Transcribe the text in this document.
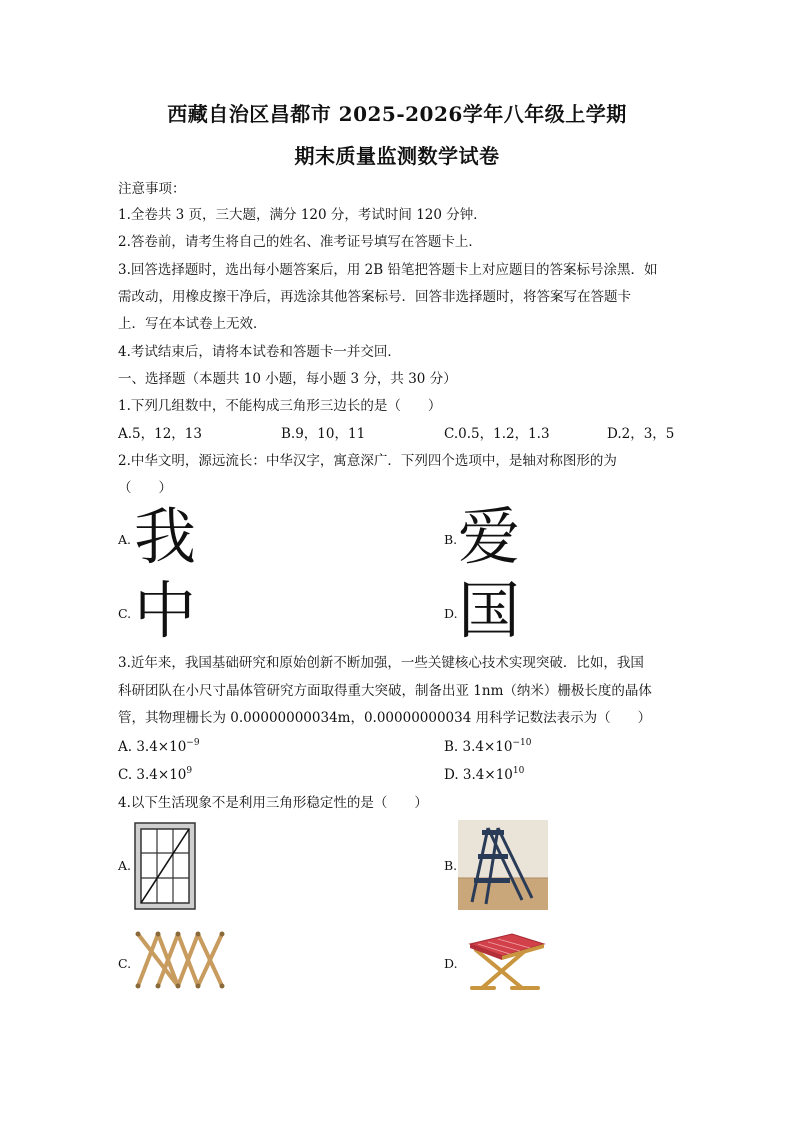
西藏自治区昌都市 2025-2026学年八年级上学期
期末质量监测数学试卷
注意事项：
1.全卷共 3 页，三大题，满分 120 分，考试时间 120 分钟．
2.答卷前，请考生将自己的姓名、准考证号填写在答题卡上．
3.回答选择题时，选出每小题答案后，用 2B 铅笔把答题卡上对应题目的答案标号涂黑．如
需改动，用橡皮擦干净后，再选涂其他答案标号．回答非选择题时，将答案写在答题卡
上．写在本试卷上无效．
4.考试结束后，请将本试卷和答题卡一并交回．
一、选择题（本题共 10 小题，每小题 3 分，共 30 分）
1.下列几组数中，不能构成三角形三边长的是（　　）
A.5，12，13	B.9，10，11	C.0.5，1.2，1.3	D.2，3，5
2.中华文明，源远流长：中华汉字，寓意深广．下列四个选项中，是轴对称图形的为
（　　）
A. 我	B. 爱
C. 中	D. 国
3.近年来，我国基础研究和原始创新不断加强，一些关键核心技术实现突破．比如，我国
科研团队在小尺寸晶体管研究方面取得重大突破，制备出亚 1nm（纳米）栅极长度的晶体
管，其物理栅长为 0.00000000034m，0.00000000034 用科学记数法表示为（　　）
A. $3.4\times 10^{-9}$	B. $3.4\times 10^{-10}$
C. $3.4\times 10^9$	D. $3.4\times 10^{10}$
4.以下生活现象不是利用三角形稳定性的是（　　）
A.	B.
C.	D.
